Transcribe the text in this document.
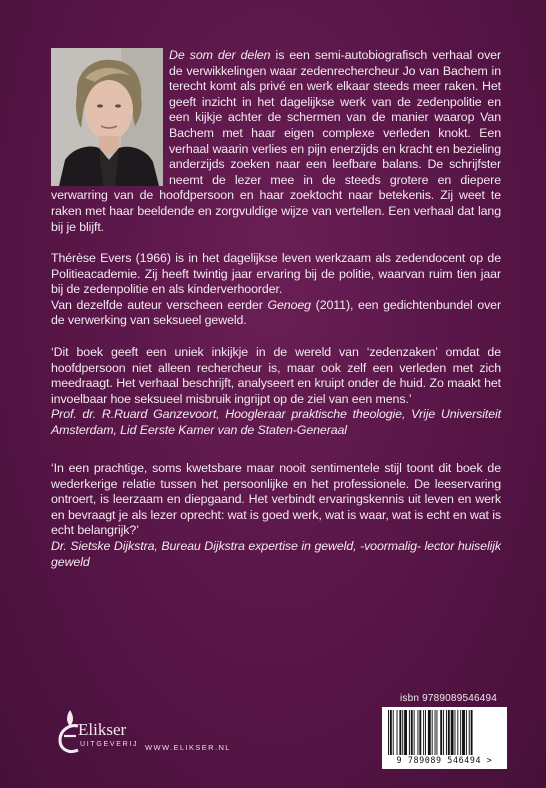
De som der delen is een semi-autobiografisch verhaal over de verwikkelingen waar zedenrechercheur Jo van Bachem in terecht komt als privé en werk elkaar steeds meer raken. Het geeft inzicht in het dagelijkse werk van de zedenpolitie en een kijkje achter de schermen van de manier waarop Van Bachem met haar eigen complexe verleden knokt. Een verhaal waarin verlies en pijn enerzijds en kracht en bezieling anderzijds zoeken naar een leefbare balans. De schrijfster neemt de lezer mee in de steeds grotere en diepere verwarring van de hoofdpersoon en haar zoektocht naar betekenis. Zij weet te raken met haar beeldende en zorgvuldige wijze van vertellen. Een verhaal dat lang bij je blijft.

Thérèse Evers (1966) is in het dagelijkse leven werkzaam als zedendocent op de Politieacademie. Zij heeft twintig jaar ervaring bij de politie, waarvan ruim tien jaar bij de zedenpolitie en als kinderverhoorder.

Van dezelfde auteur verscheen eerder Genoeg (2011), een gedichtenbundel over de verwerking van seksueel geweld.

‘Dit boek geeft een uniek inkijkje in de wereld van ‘zedenzaken’ omdat de hoofdpersoon niet alleen rechercheur is, maar ook zelf een verleden met zich meedraagt. Het verhaal beschrijft, analyseert en kruipt onder de huid. Zo maakt het invoelbaar hoe seksueel misbruik ingrijpt op de ziel van een mens.’

Prof. dr. R.Ruard Ganzevoort, Hoogleraar praktische theologie, Vrije Universiteit Amsterdam, Lid Eerste Kamer van de Staten-Generaal

‘In een prachtige, soms kwetsbare maar nooit sentimentele stijl toont dit boek de wederkerige relatie tussen het persoonlijke en het professionele. De leeservaring ontroert, is leerzaam en diepgaand. Het verbindt ervaringskennis uit leven en werk en bevraagt je als lezer oprecht: wat is goed werk, wat is waar, wat is echt en wat is echt belangrijk?’

Dr. Sietske Dijkstra, Bureau Dijkstra expertise in geweld, -voormalig- lector huiselijk geweld

Elikser
UITGEVERIJ WWW.ELIKSER.NL
isbn 9789089546494
9 789089 546494 >
